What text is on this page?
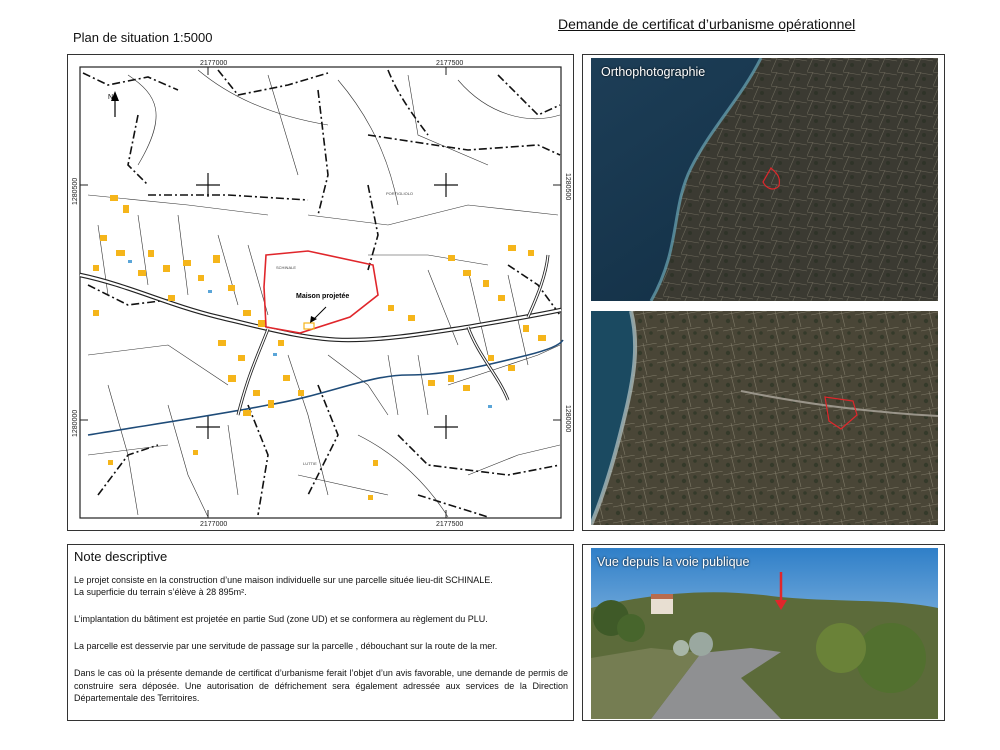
Plan de situation 1:5000
Demande de certificat d’urbanisme opérationnel
2177000	2177500
2177000	2177500
1280500
1280000
1280500
1280000
N
Maison projetée
SCHINALE
PORTIGLIOLO
LUTTIE
Orthophotographie
Note descriptive

Le projet consiste en la construction d’une maison individuelle sur une parcelle située lieu-dit SCHINALE.

La superficie du terrain s’élève à 28 895m².

L’implantation du bâtiment est projetée en partie Sud (zone UD) et se conformera au règlement du PLU.

La parcelle est desservie par une servitude de passage sur la parcelle , débouchant sur la route de la mer.

Dans le cas où la présente demande de certificat d’urbanisme ferait l’objet d’un avis favorable, une demande de permis de construire sera déposée. Une autorisation de défrichement sera également adressée aux services de la Direction Départementale des Territoires.

Vue depuis la voie publique
